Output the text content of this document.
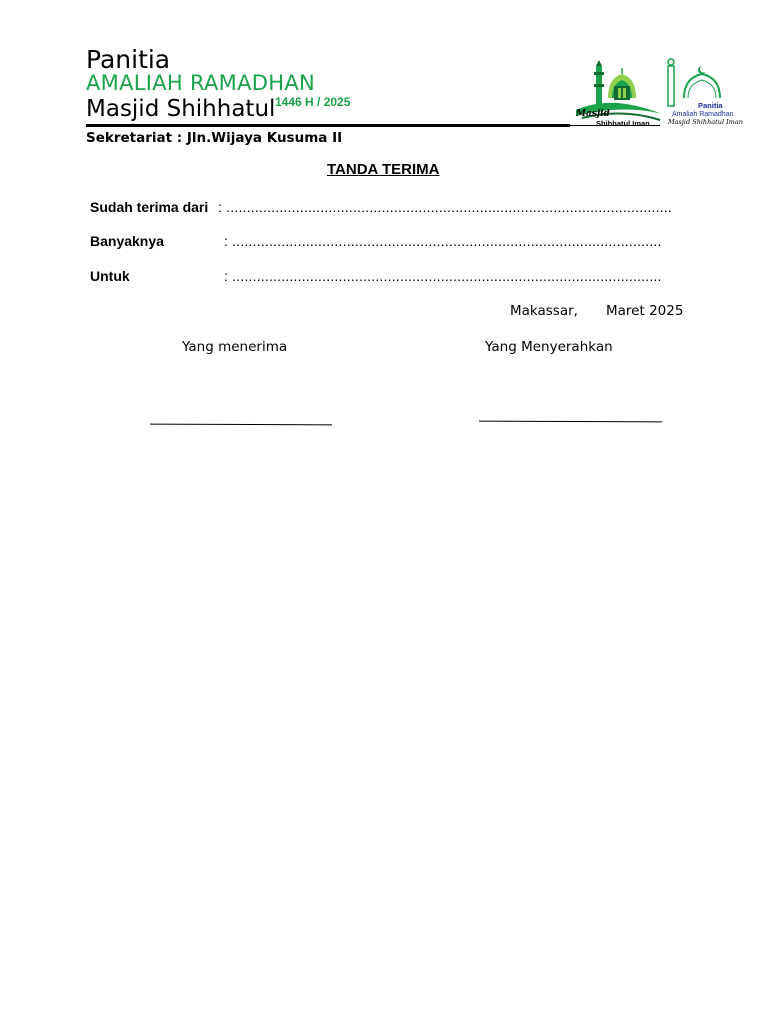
Panitia
AMALIAH RAMADHAN
Masjid Shihhatul 1446 H / 2025
Sekretariat : Jln.Wijaya Kusuma II
Masjid
Shihhatul Iman
Panitia
Amaliah Ramadhan
Masjid Shihhatul Iman
TANDA TERIMA
Sudah terima dari : .............................................................................................................
Banyaknya	: .........................................................................................................
Untuk	: .........................................................................................................
Makassar, Maret 2025
Yang menerima	Yang Menyerahkan
